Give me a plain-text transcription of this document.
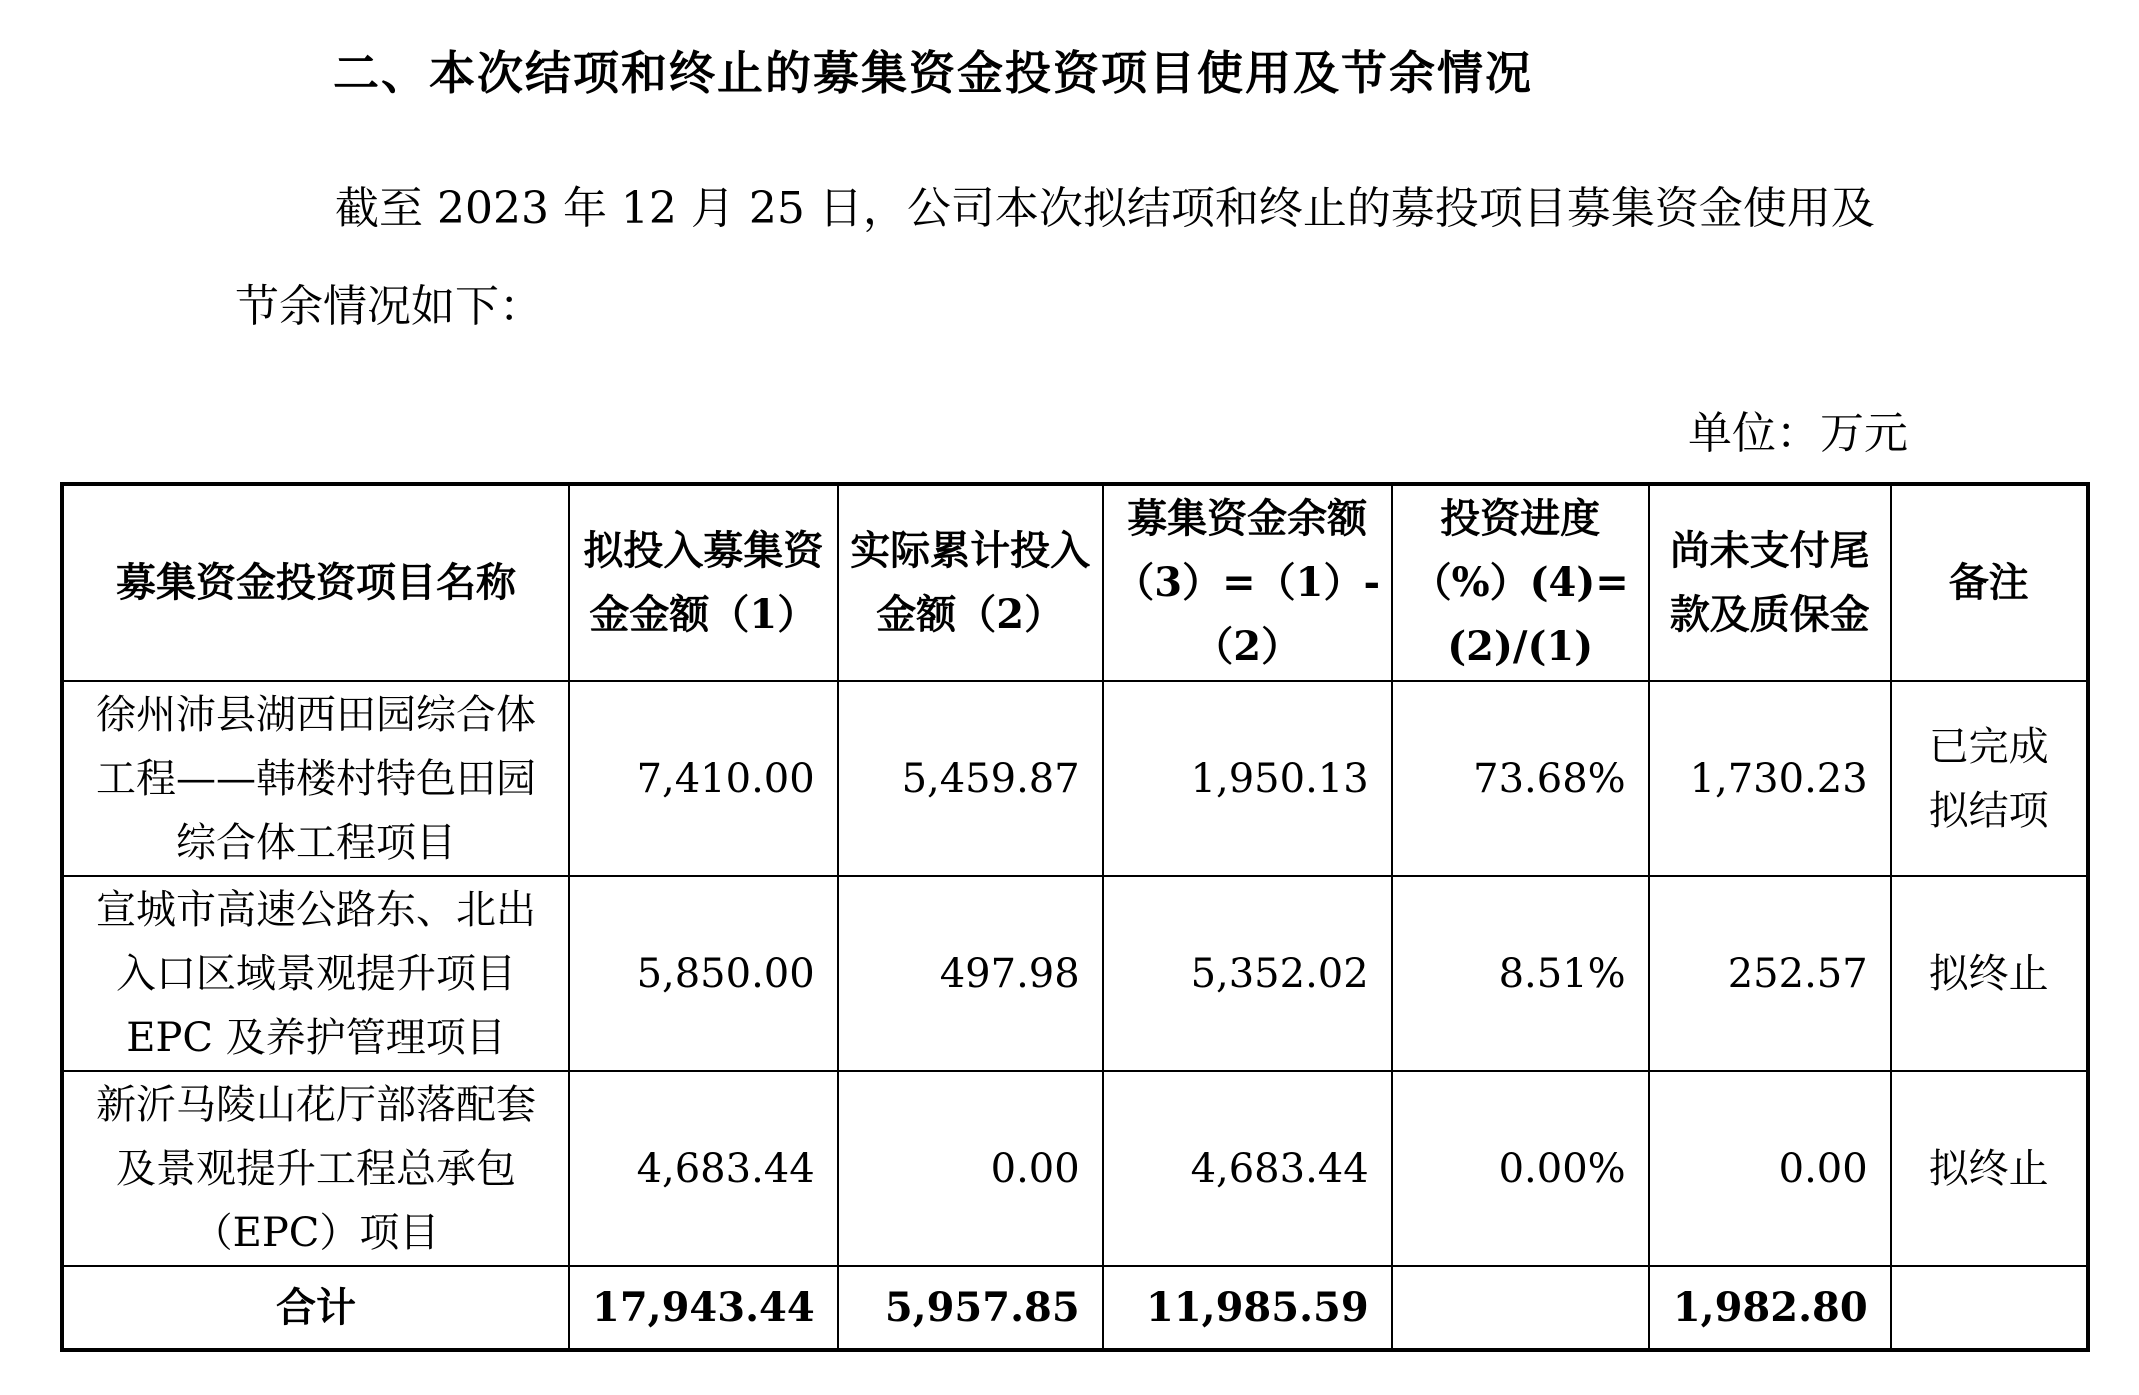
二、本次结项和终止的募集资金投资项目使用及节余情况
截至 2023 年 12 月 25 日，公司本次拟结项和终止的募投项目募集资金使用及节余情况如下：
单位：万元
募集资金投资项目名称	拟投入募集资金金额（1）	实际累计投入金额（2）	募集资金余额（3）=（1）-（2）	投资进度（%）(4)=(2)/(1)	尚未支付尾款及质保金	备注
徐州沛县湖西田园综合体工程——韩楼村特色田园综合体工程项目	7,410.00	5,459.87	1,950.13	73.68%	1,730.23	已完成拟结项
宣城市高速公路东、北出入口区域景观提升项目 EPC 及养护管理项目	5,850.00	497.98	5,352.02	8.51%	252.57	拟终止
新沂马陵山花厅部落配套及景观提升工程总承包（EPC）项目	4,683.44	0.00	4,683.44	0.00%	0.00	拟终止
合计	17,943.44	5,957.85	11,985.59		1,982.80	
